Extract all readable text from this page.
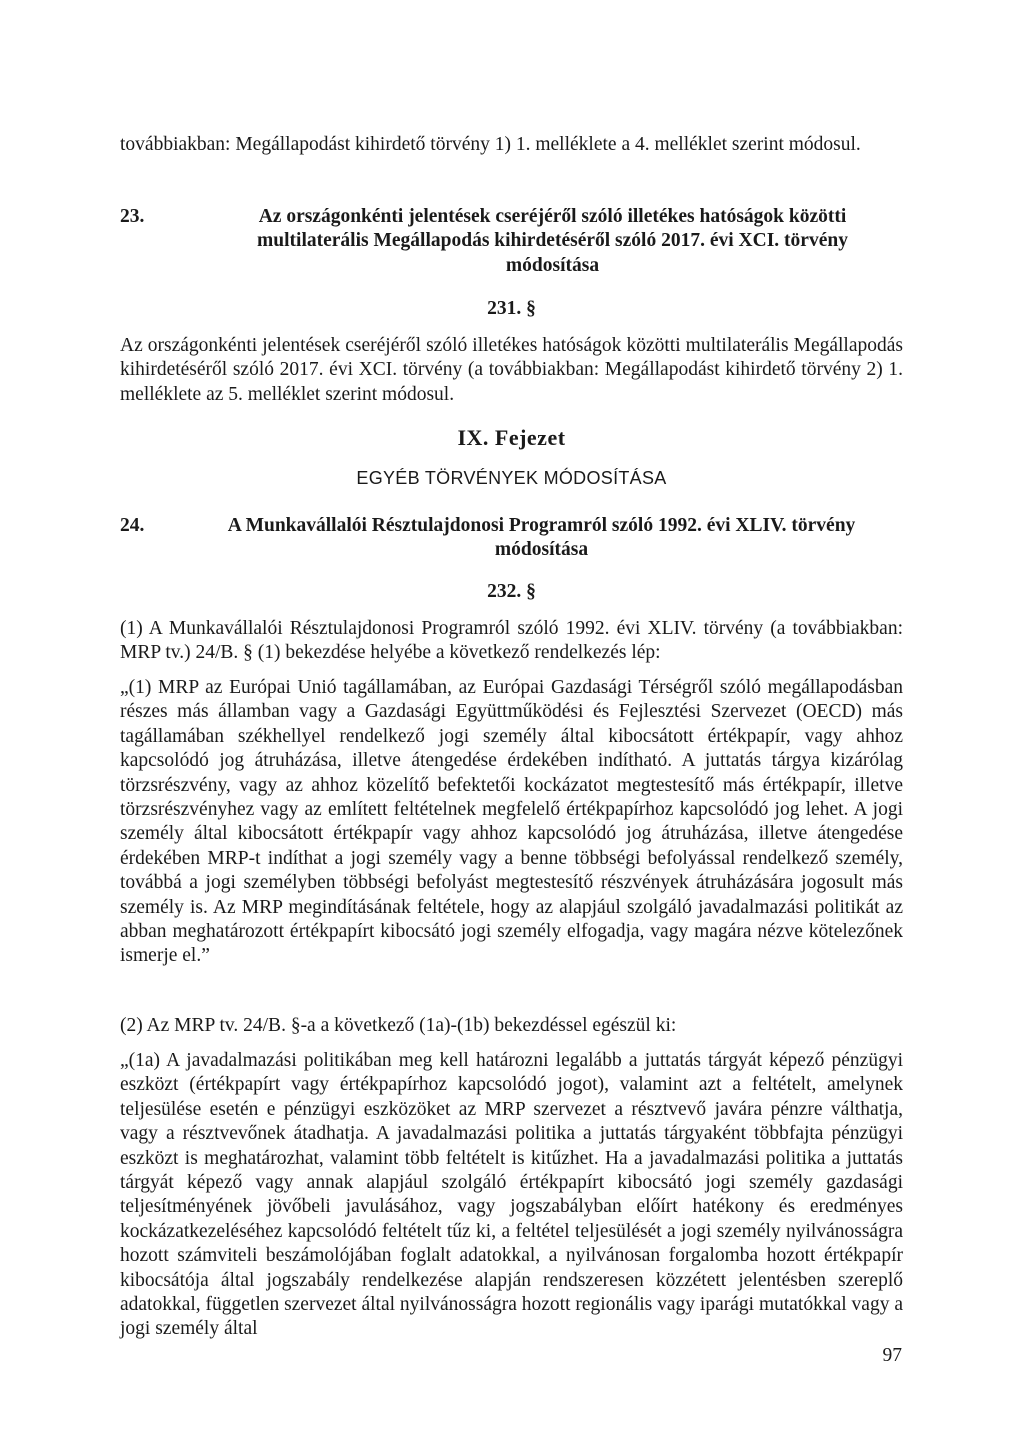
továbbiakban: Megállapodást kihirdető törvény 1) 1. melléklete a 4. melléklet szerint módosul.
23.	Az országonkénti jelentések cseréjéről szóló illetékes hatóságok közötti multilaterális Megállapodás kihirdetéséről szóló 2017. évi XCI. törvény módosítása
231. §
Az országonkénti jelentések cseréjéről szóló illetékes hatóságok közötti multilaterális Megállapodás kihirdetéséről szóló 2017. évi XCI. törvény (a továbbiakban: Megállapodást kihirdető törvény 2) 1. melléklete az 5. melléklet szerint módosul.
IX. Fejezet
EGYÉB TÖRVÉNYEK MÓDOSÍTÁSA
24.	A Munkavállalói Résztulajdonosi Programról szóló 1992. évi XLIV. törvény módosítása
232. §
(1) A Munkavállalói Résztulajdonosi Programról szóló 1992. évi XLIV. törvény (a továbbiakban: MRP tv.) 24/B. § (1) bekezdése helyébe a következő rendelkezés lép:
„(1) MRP az Európai Unió tagállamában, az Európai Gazdasági Térségről szóló megállapodásban részes más államban vagy a Gazdasági Együttműködési és Fejlesztési Szervezet (OECD) más tagállamában székhellyel rendelkező jogi személy által kibocsátott értékpapír, vagy ahhoz kapcsolódó jog átruházása, illetve átengedése érdekében indítható. A juttatás tárgya kizárólag törzsrészvény, vagy az ahhoz közelítő befektetői kockázatot megtestesítő más értékpapír, illetve törzsrészvényhez vagy az említett feltételnek megfelelő értékpapírhoz kapcsolódó jog lehet. A jogi személy által kibocsátott értékpapír vagy ahhoz kapcsolódó jog átruházása, illetve átengedése érdekében MRP-t indíthat a jogi személy vagy a benne többségi befolyással rendelkező személy, továbbá a jogi személyben többségi befolyást megtestesítő részvények átruházására jogosult más személy is. Az MRP megindításának feltétele, hogy az alapjául szolgáló javadalmazási politikát az abban meghatározott értékpapírt kibocsátó jogi személy elfogadja, vagy magára nézve kötelezőnek ismerje el.”
(2) Az MRP tv. 24/B. §-a a következő (1a)-(1b) bekezdéssel egészül ki:
„(1a) A javadalmazási politikában meg kell határozni legalább a juttatás tárgyát képező pénzügyi eszközt (értékpapírt vagy értékpapírhoz kapcsolódó jogot), valamint azt a feltételt, amelynek teljesülése esetén e pénzügyi eszközöket az MRP szervezet a résztvevő javára pénzre válthatja, vagy a résztvevőnek átadhatja. A javadalmazási politika a juttatás tárgyaként többfajta pénzügyi eszközt is meghatározhat, valamint több feltételt is kitűzhet. Ha a javadalmazási politika a juttatás tárgyát képező vagy annak alapjául szolgáló értékpapírt kibocsátó jogi személy gazdasági teljesítményének jövőbeli javulásához, vagy jogszabályban előírt hatékony és eredményes kockázatkezeléséhez kapcsolódó feltételt tűz ki, a feltétel teljesülését a jogi személy nyilvánosságra hozott számviteli beszámolójában foglalt adatokkal, a nyilvánosan forgalomba hozott értékpapír kibocsátója által jogszabály rendelkezése alapján rendszeresen közzétett jelentésben szereplő adatokkal, független szervezet által nyilvánosságra hozott regionális vagy iparági mutatókkal vagy a jogi személy által
97
